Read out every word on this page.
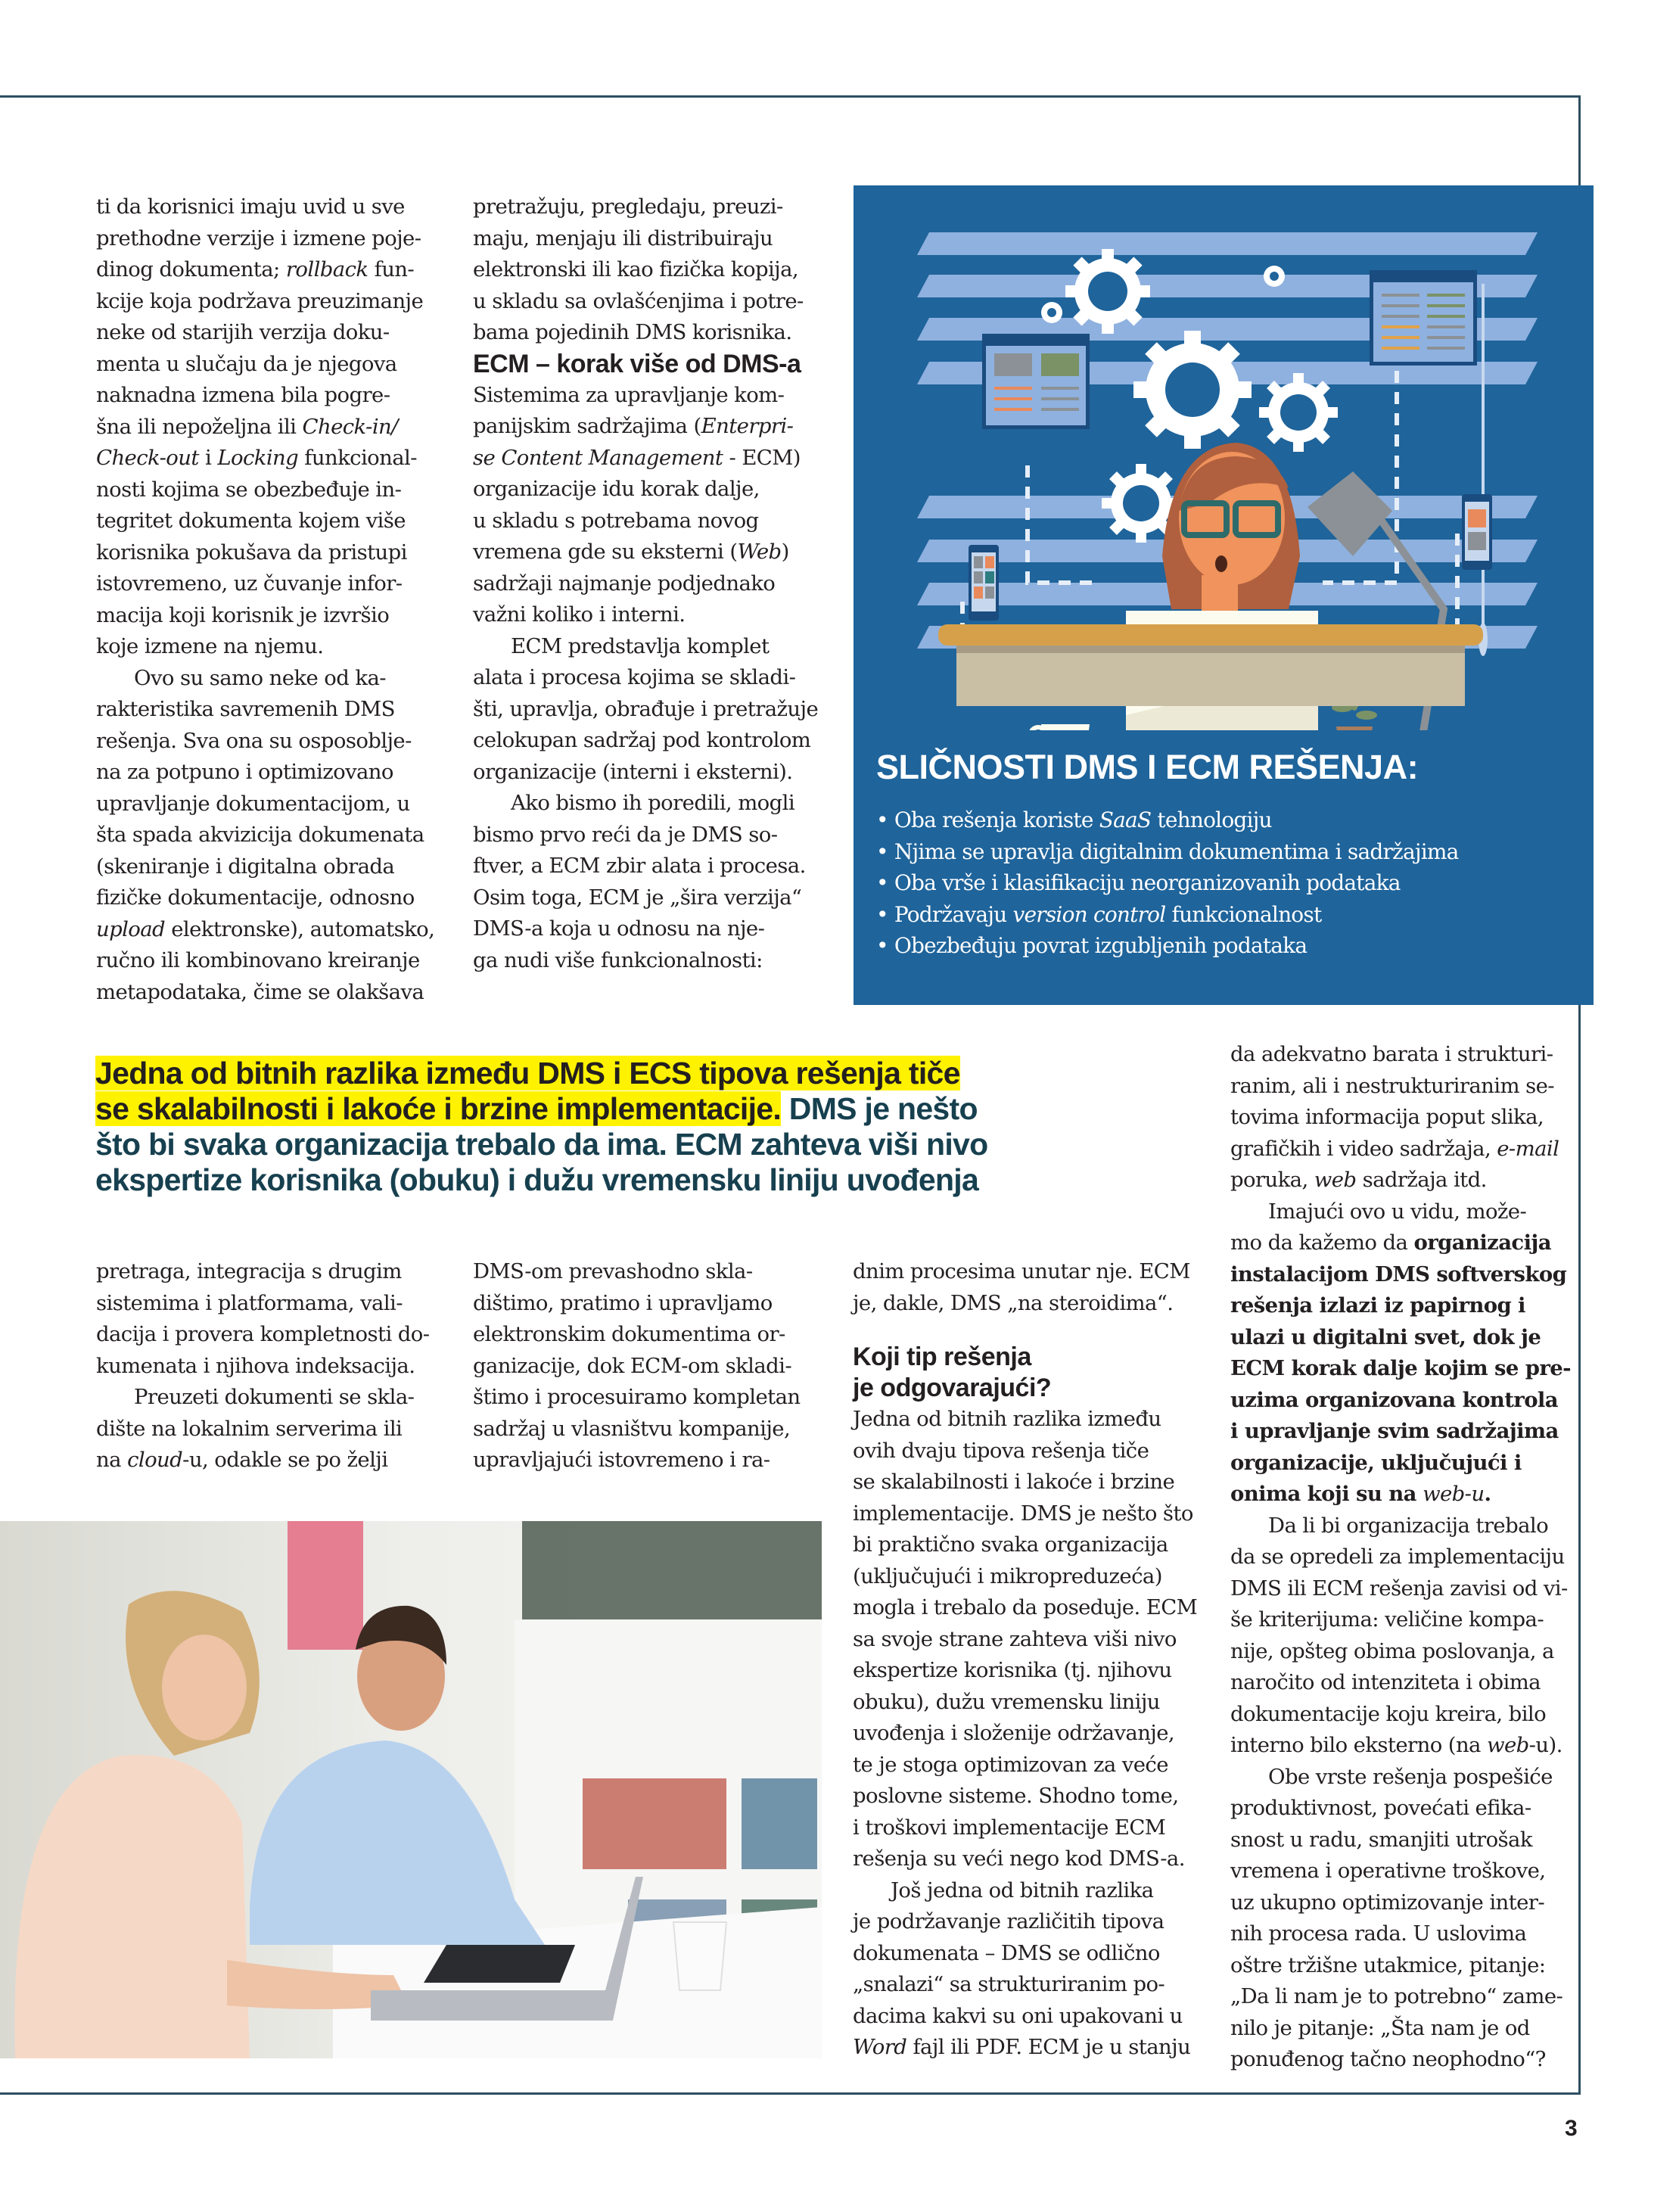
ti da korisnici imaju uvid u sve

prethodne verzije i izmene poje-

dinog dokumenta; rollback fun-

kcije koja podržava preuzimanje

neke od starijih verzija doku-

menta u slučaju da je njegova

naknadna izmena bila pogre-

šna ili nepoželjna ili Check-in/

Check-out i Locking funkcional-

nosti kojima se obezbeđuje in-

tegritet dokumenta kojem više

korisnika pokušava da pristupi

istovremeno, uz čuvanje infor-

macija koji korisnik je izvršio

koje izmene na njemu.

Ovo su samo neke od ka-

rakteristika savremenih DMS

rešenja. Sva ona su osposoblje-

na za potpuno i optimizovano

upravljanje dokumentacijom, u

šta spada akvizicija dokumenata

(skeniranje i digitalna obrada

fizičke dokumentacije, odnosno

upload elektronske), automatsko,

ručno ili kombinovano kreiranje

metapodataka, čime se olakšava

pretražuju, pregledaju, preuzi-

maju, menjaju ili distribuiraju

elektronski ili kao fizička kopija,

u skladu sa ovlašćenjima i potre-

bama pojedinih DMS korisnika.

ECM – korak više od DMS-a

Sistemima za upravljanje kom-

panijskim sadržajima (Enterpri-

se Content Management - ECM)

organizacije idu korak dalje,

u skladu s potrebama novog

vremena gde su eksterni (Web)

sadržaji najmanje podjednako

važni koliko i interni.

ECM predstavlja komplet

alata i procesa kojima se skladi-

šti, upravlja, obrađuje i pretražuje

celokupan sadržaj pod kontrolom

organizacije (interni i eksterni).

Ako bismo ih poredili, mogli

bismo prvo reći da je DMS so-

ftver, a ECM zbir alata i procesa.

Osim toga, ECM je „šira verzija“

DMS-a koja u odnosu na nje-

ga nudi više funkcionalnosti:

SLIČNOSTI DMS I ECM REŠENJA:
• Oba rešenja koriste SaaS tehnologiju
• Njima se upravlja digitalnim dokumentima i sadržajima
• Oba vrše i klasifikaciju neorganizovanih podataka
• Podržavaju version control funkcionalnost
• Obezbeđuju povrat izgubljenih podataka
Jedna od bitnih razlika između DMS i ECS tipova rešenja tiče
se skalabilnosti i lakoće i brzine implementacije. DMS je nešto
što bi svaka organizacija trebalo da ima. ECM zahteva viši nivo
ekspertize korisnika (obuku) i dužu vremensku liniju uvođenja

pretraga, integracija s drugim

sistemima i platformama, vali-

dacija i provera kompletnosti do-

kumenata i njihova indeksacija.

Preuzeti dokumenti se skla-

dište na lokalnim serverima ili

na cloud-u, odakle se po želji

DMS-om prevashodno skla-

dištimo, pratimo i upravljamo

elektronskim dokumentima or-

ganizacije, dok ECM-om skladi-

štimo i procesuiramo kompletan

sadržaj u vlasništvu kompanije,

upravljajući istovremeno i ra-

dnim procesima unutar nje. ECM

je, dakle, DMS „na steroidima“.

Koji tip rešenja
je odgovarajući?

Jedna od bitnih razlika između

ovih dvaju tipova rešenja tiče

se skalabilnosti i lakoće i brzine

implementacije. DMS je nešto što

bi praktično svaka organizacija

(uključujući i mikropreduzeća)

mogla i trebalo da poseduje. ECM

sa svoje strane zahteva viši nivo

ekspertize korisnika (tj. njihovu

obuku), dužu vremensku liniju

uvođenja i složenije održavanje,

te je stoga optimizovan za veće

poslovne sisteme. Shodno tome,

i troškovi implementacije ECM

rešenja su veći nego kod DMS-a.

Još jedna od bitnih razlika

je podržavanje različitih tipova

dokumenata – DMS se odlično

„snalazi“ sa strukturiranim po-

dacima kakvi su oni upakovani u

Word fajl ili PDF. ECM je u stanju

da adekvatno barata i strukturi-

ranim, ali i nestrukturiranim se-

tovima informacija poput slika,

grafičkih i video sadržaja, e-mail

poruka, web sadržaja itd.

Imajući ovo u vidu, može-

mo da kažemo da organizacija

instalacijom DMS softverskog

rešenja izlazi iz papirnog i

ulazi u digitalni svet, dok je

ECM korak dalje kojim se pre-

uzima organizovana kontrola

i upravljanje svim sadržajima

organizacije, uključujući i

onima koji su na web-u.

Da li bi organizacija trebalo

da se opredeli za implementaciju

DMS ili ECM rešenja zavisi od vi-

še kriterijuma: veličine kompa-

nije, opšteg obima poslovanja, a

naročito od intenziteta i obima

dokumentacije koju kreira, bilo

interno bilo eksterno (na web-u).

Obe vrste rešenja pospešiće

produktivnost, povećati efika-

snost u radu, smanjiti utrošak

vremena i operativne troškove,

uz ukupno optimizovanje inter-

nih procesa rada. U uslovima

oštre tržišne utakmice, pitanje:

„Da li nam je to potrebno“ zame-

nilo je pitanje: „Šta nam je od

ponuđenog tačno neophodno“?

3
